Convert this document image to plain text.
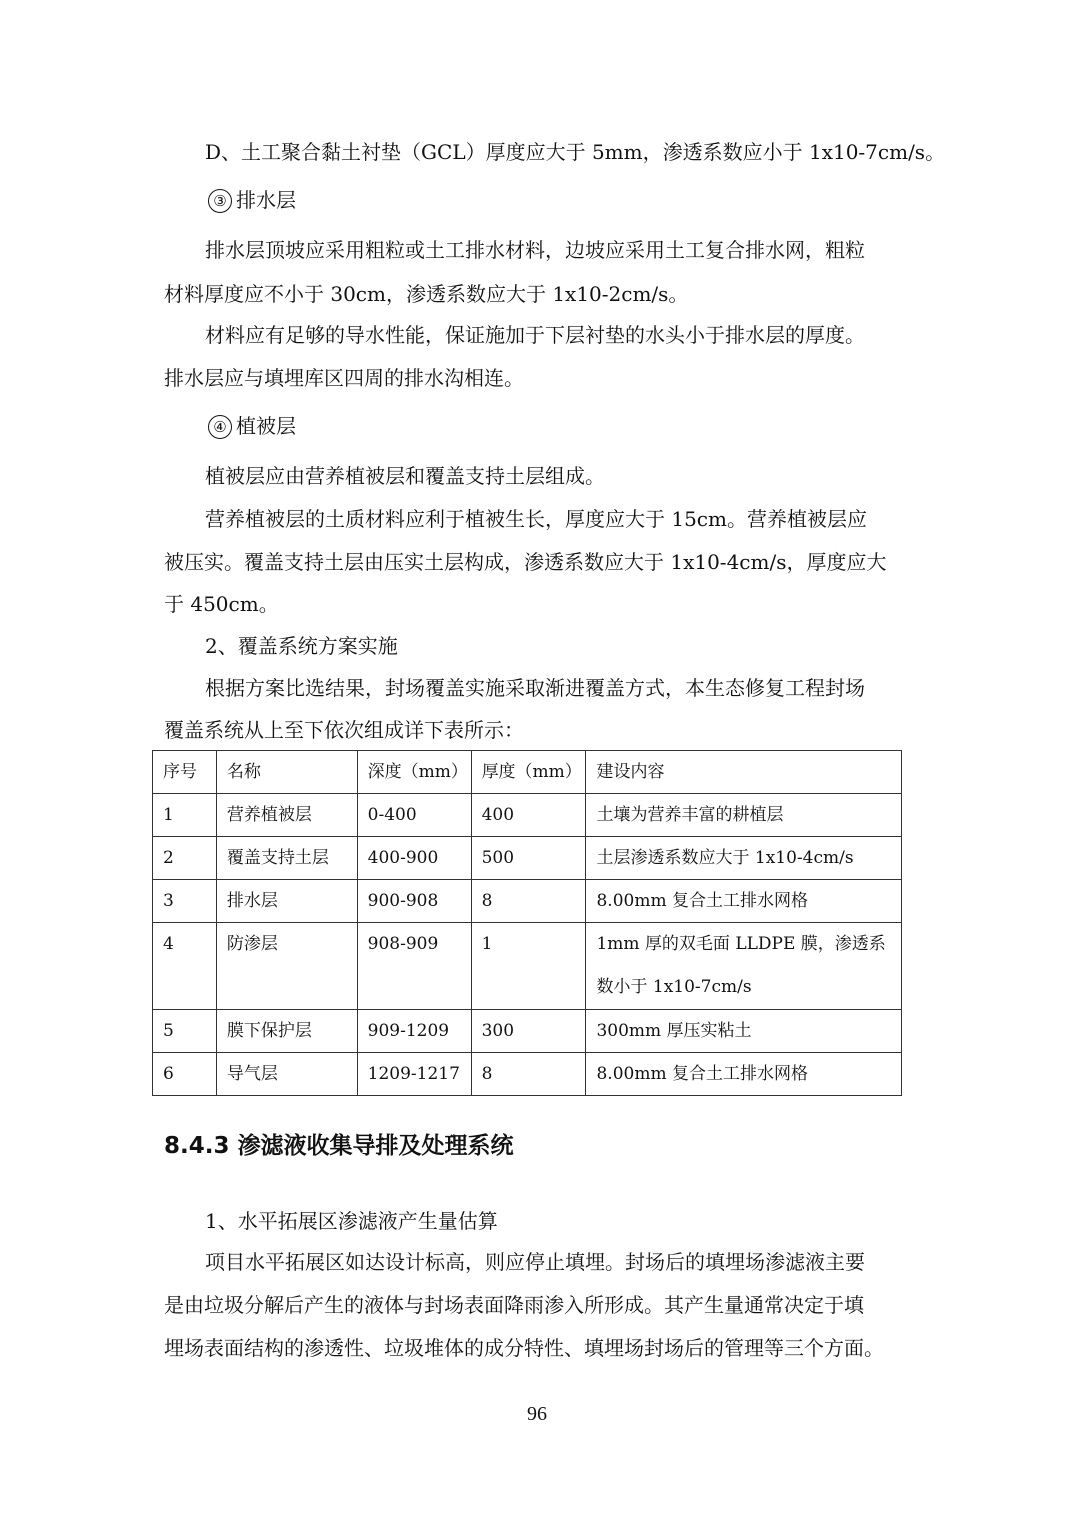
D、土工聚合黏土衬垫（GCL）厚度应大于 5mm，渗透系数应小于 1x10-7cm/s。
③ 排水层
排水层顶坡应采用粗粒或土工排水材料，边坡应采用土工复合排水网，粗粒
材料厚度应不小于 30cm，渗透系数应大于 1x10-2cm/s。
材料应有足够的导水性能，保证施加于下层衬垫的水头小于排水层的厚度。
排水层应与填埋库区四周的排水沟相连。
④ 植被层
植被层应由营养植被层和覆盖支持土层组成。
营养植被层的土质材料应利于植被生长，厚度应大于 15cm。营养植被层应
被压实。覆盖支持土层由压实土层构成，渗透系数应大于 1x10-4cm/s，厚度应大
于 450cm。
2、覆盖系统方案实施
根据方案比选结果，封场覆盖实施采取渐进覆盖方式，本生态修复工程封场
覆盖系统从上至下依次组成详下表所示：
序号	名称	深度（mm）	厚度（mm）	建设内容
1	营养植被层	0-400	400	土壤为营养丰富的耕植层
2	覆盖支持土层	400-900	500	土层渗透系数应大于 1x10-4cm/s
3	排水层	900-908	8	8.00mm 复合土工排水网格

4	防渗层	908-909	1	1mm 厚的双毛面 LLDPE 膜，渗透系
数小于 1x10-7cm/s

5	膜下保护层	909-1209	300	300mm 厚压实粘土
6	导气层	1209-1217	8	8.00mm 复合土工排水网格
8.4.3 渗滤液收集导排及处理系统
1、水平拓展区渗滤液产生量估算
项目水平拓展区如达设计标高，则应停止填埋。封场后的填埋场渗滤液主要
是由垃圾分解后产生的液体与封场表面降雨渗入所形成。其产生量通常决定于填
埋场表面结构的渗透性、垃圾堆体的成分特性、填埋场封场后的管理等三个方面。
96
